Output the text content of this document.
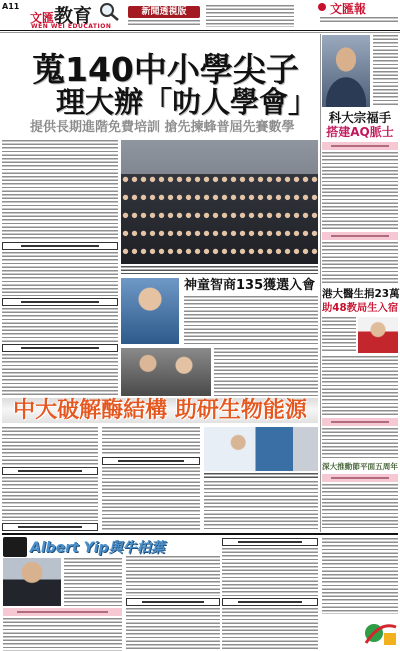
A11
文匯教育
WEN WEI EDUCATION
新聞透視版	文匯報
蒐140中小學尖子
理大辦「叻人學會」
提供長期進階免費培訓 搶先揀蜂普屆先賽數學
神童智商135獲選入會
科大宗福手
搭建AQ脈士
港大醫生捐23萬
助48教局生入宿
深大推動節平面五周年
中大破解酶結構 助研生物能源
Albert Yip與牛柏葉
